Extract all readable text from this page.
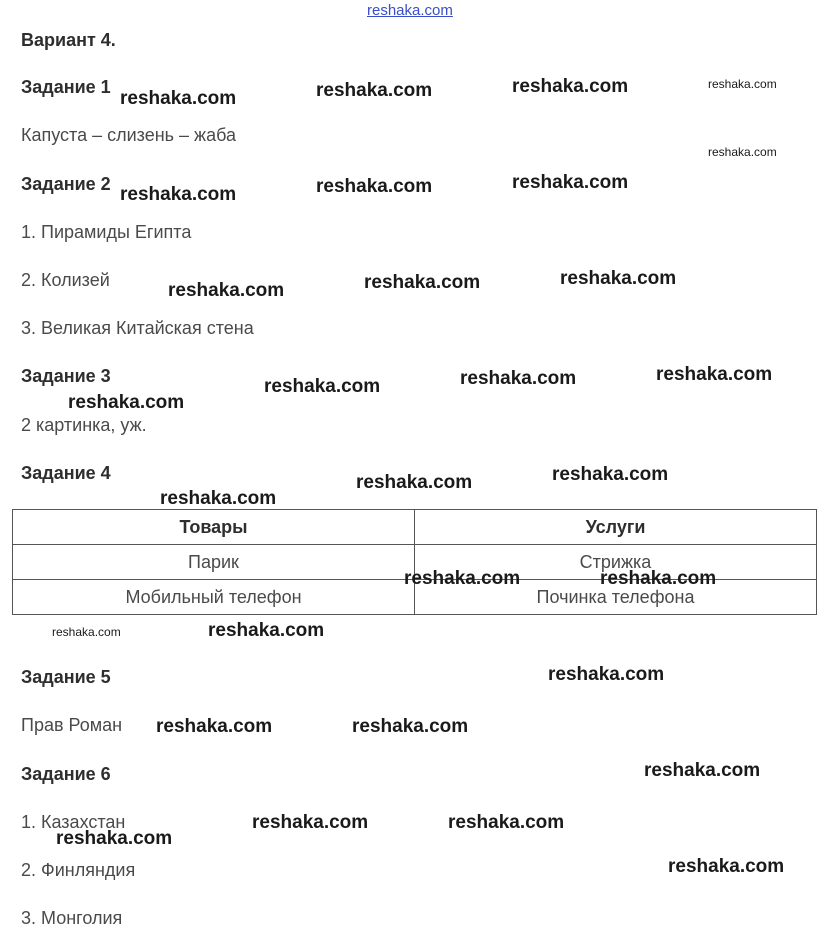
reshaka.com
Вариант 4.
Задание 1
Капуста – слизень – жаба
Задание 2
1. Пирамиды Египта
2. Колизей
3. Великая Китайская стена
Задание 3
2 картинка, уж.
Задание 4
Товары	Услуги
Парик	Стрижка
Мобильный телефон	Починка телефона
Задание 5
Прав Роман
Задание 6
1. Казахстан
2. Финляндия
3. Монголия
reshaka.com	reshaka.com	reshaka.com	reshaka.com
reshaka.com
reshaka.com	reshaka.com	reshaka.com
reshaka.com	reshaka.com	reshaka.com
reshaka.com	reshaka.com	reshaka.com
reshaka.com
reshaka.com
reshaka.com	reshaka.com
reshaka.com	reshaka.com
reshaka.com	reshaka.com
reshaka.com
reshaka.com	reshaka.com
reshaka.com
reshaka.com	reshaka.com
reshaka.com
reshaka.com
